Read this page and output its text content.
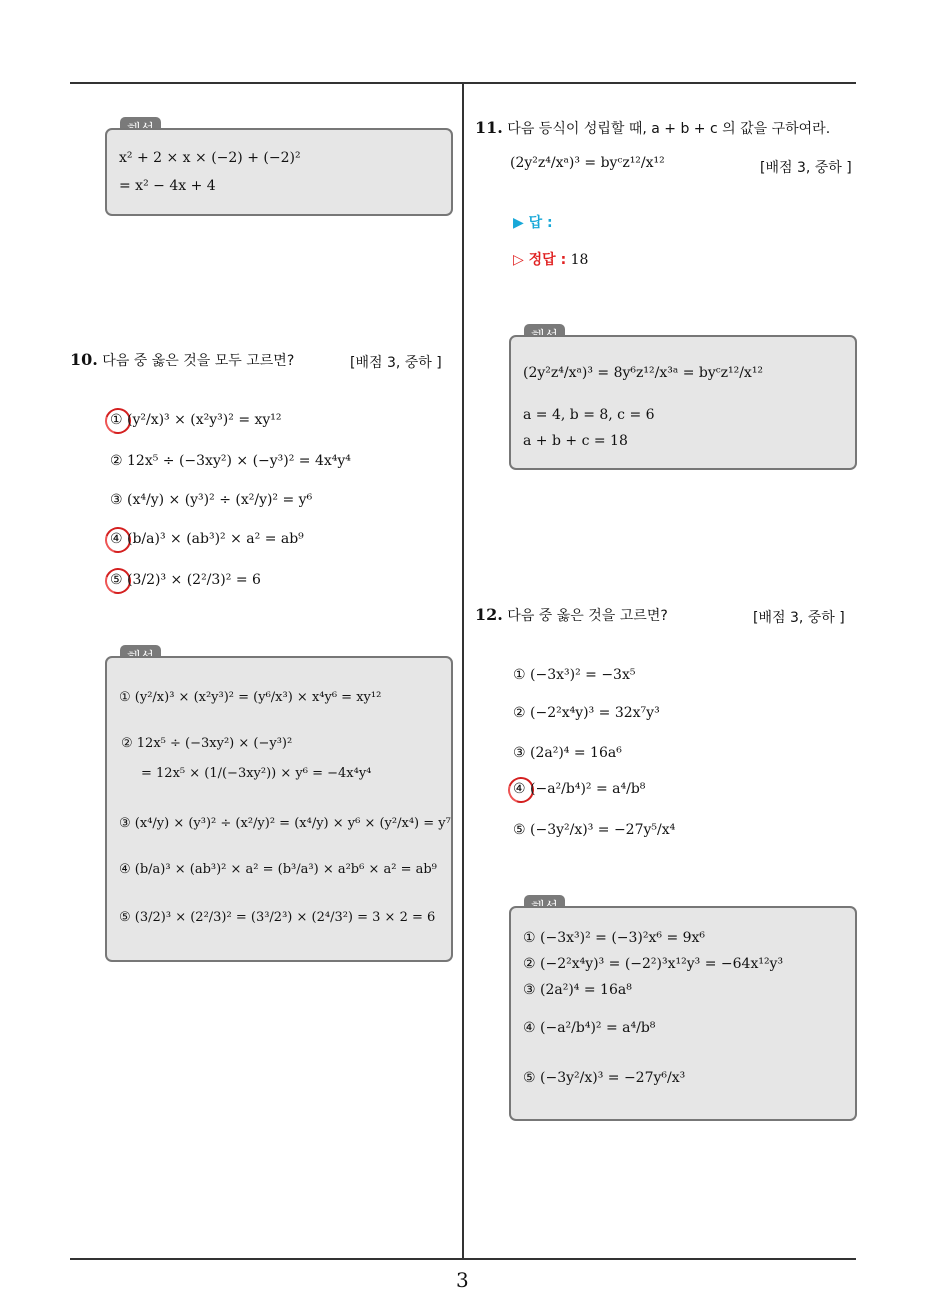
x² + 2 × x × (−2) + (−2)²
= x² − 4x + 4
10. 다음 중 옳은 것을 모두 고르면?	[배점 3, 중하 ]
① (y²/x)³ × (x²y³)² = xy¹²
② 12x⁵ ÷ (−3xy²) × (−y³)² = 4x⁴y⁴
③ (x⁴/y) × (y³)² ÷ (x²/y)² = y⁶
④ (b/a)³ × (ab³)² × a² = ab⁹
⑤ (3/2)³ × (2²/3)² = 6
① (y²/x)³ × (x²y³)² = (y⁶/x³) × x⁴y⁶ = xy¹²
② 12x⁵ ÷ (−3xy²) × (−y³)²
= 12x⁵ × (1/(−3xy²)) × y⁶ = −4x⁴y⁴
③ (x⁴/y) × (y³)² ÷ (x²/y)² = (x⁴/y) × y⁶ × (y²/x⁴) = y⁷
④ (b/a)³ × (ab³)² × a² = (b³/a³) × a²b⁶ × a² = ab⁹
⑤ (3/2)³ × (2²/3)² = (3³/2³) × (2⁴/3²) = 3 × 2 = 6
11. 다음 등식이 성립할 때, a + b + c 의 값을 구하여라.
(2y²z⁴/xᵃ)³ = byᶜz¹²/x¹²	[배점 3, 중하 ]
▶ 답 :
▷ 정답 : 18
(2y²z⁴/xᵃ)³ = 8y⁶z¹²/x³ᵃ = byᶜz¹²/x¹²
a = 4, b = 8, c = 6
a + b + c = 18
12. 다음 중 옳은 것을 고르면?	[배점 3, 중하 ]
① (−3x³)² = −3x⁵
② (−2²x⁴y)³ = 32x⁷y³
③ (2a²)⁴ = 16a⁶
④ (−a²/b⁴)² = a⁴/b⁸
⑤ (−3y²/x)³ = −27y⁵/x⁴
① (−3x³)² = (−3)²x⁶ = 9x⁶
② (−2²x⁴y)³ = (−2²)³x¹²y³ = −64x¹²y³
③ (2a²)⁴ = 16a⁸
④ (−a²/b⁴)² = a⁴/b⁸
⑤ (−3y²/x)³ = −27y⁶/x³
3
